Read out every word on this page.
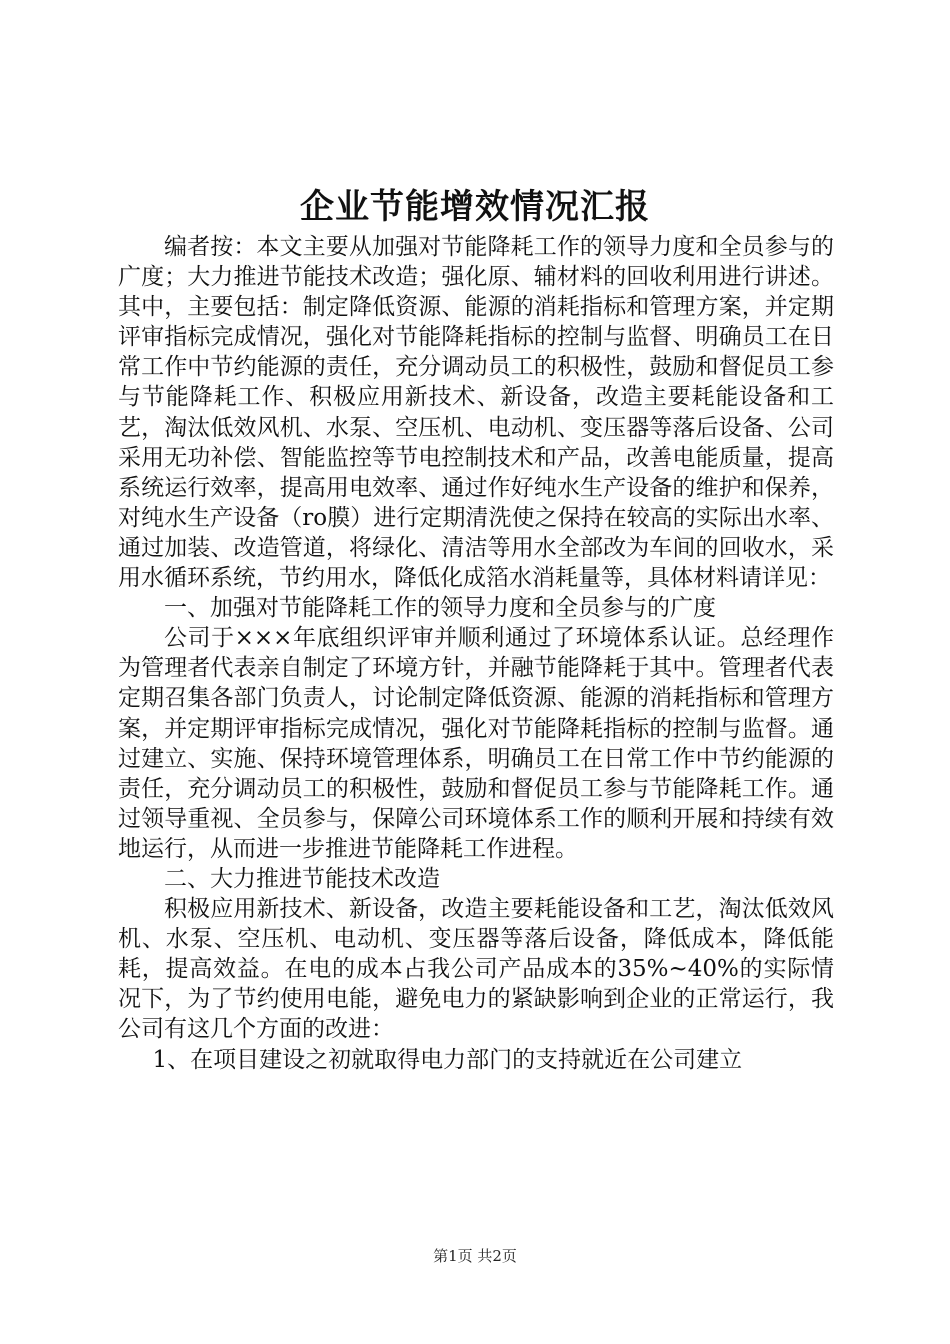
企业节能增效情况汇报

编者按：本文主要从加强对节能降耗工作的领导力度和全员参与的广度；大力推进节能技术改造；强化原、辅材料的回收利用进行讲述。其中，主要包括：制定降低资源、能源的消耗指标和管理方案，并定期评审指标完成情况，强化对节能降耗指标的控制与监督、明确员工在日常工作中节约能源的责任，充分调动员工的积极性，鼓励和督促员工参与节能降耗工作、积极应用新技术、新设备，改造主要耗能设备和工艺，淘汰低效风机、水泵、空压机、电动机、变压器等落后设备、公司采用无功补偿、智能监控等节电控制技术和产品，改善电能质量，提高系统运行效率，提高用电效率、通过作好纯水生产设备的维护和保养，对纯水生产设备（ro膜）进行定期清洗使之保持在较高的实际出水率、通过加装、改造管道，将绿化、清洁等用水全部改为车间的回收水，采用水循环系统，节约用水，降低化成箔水消耗量等，具体材料请详见：

一、加强对节能降耗工作的领导力度和全员参与的广度

公司于×××年底组织评审并顺利通过了环境体系认证。总经理作为管理者代表亲自制定了环境方针，并融节能降耗于其中。管理者代表定期召集各部门负责人，讨论制定降低资源、能源的消耗指标和管理方案，并定期评审指标完成情况，强化对节能降耗指标的控制与监督。通过建立、实施、保持环境管理体系，明确员工在日常工作中节约能源的责任，充分调动员工的积极性，鼓励和督促员工参与节能降耗工作。通过领导重视、全员参与，保障公司环境体系工作的顺利开展和持续有效地运行，从而进一步推进节能降耗工作进程。

二、大力推进节能技术改造

积极应用新技术、新设备，改造主要耗能设备和工艺，淘汰低效风机、水泵、空压机、电动机、变压器等落后设备，降低成本，降低能耗，提高效益。在电的成本占我公司产品成本的35%~40%的实际情况下，为了节约使用电能，避免电力的紧缺影响到企业的正常运行，我公司有这几个方面的改进：

1、在项目建设之初就取得电力部门的支持就近在公司建立

第1页 共2页
